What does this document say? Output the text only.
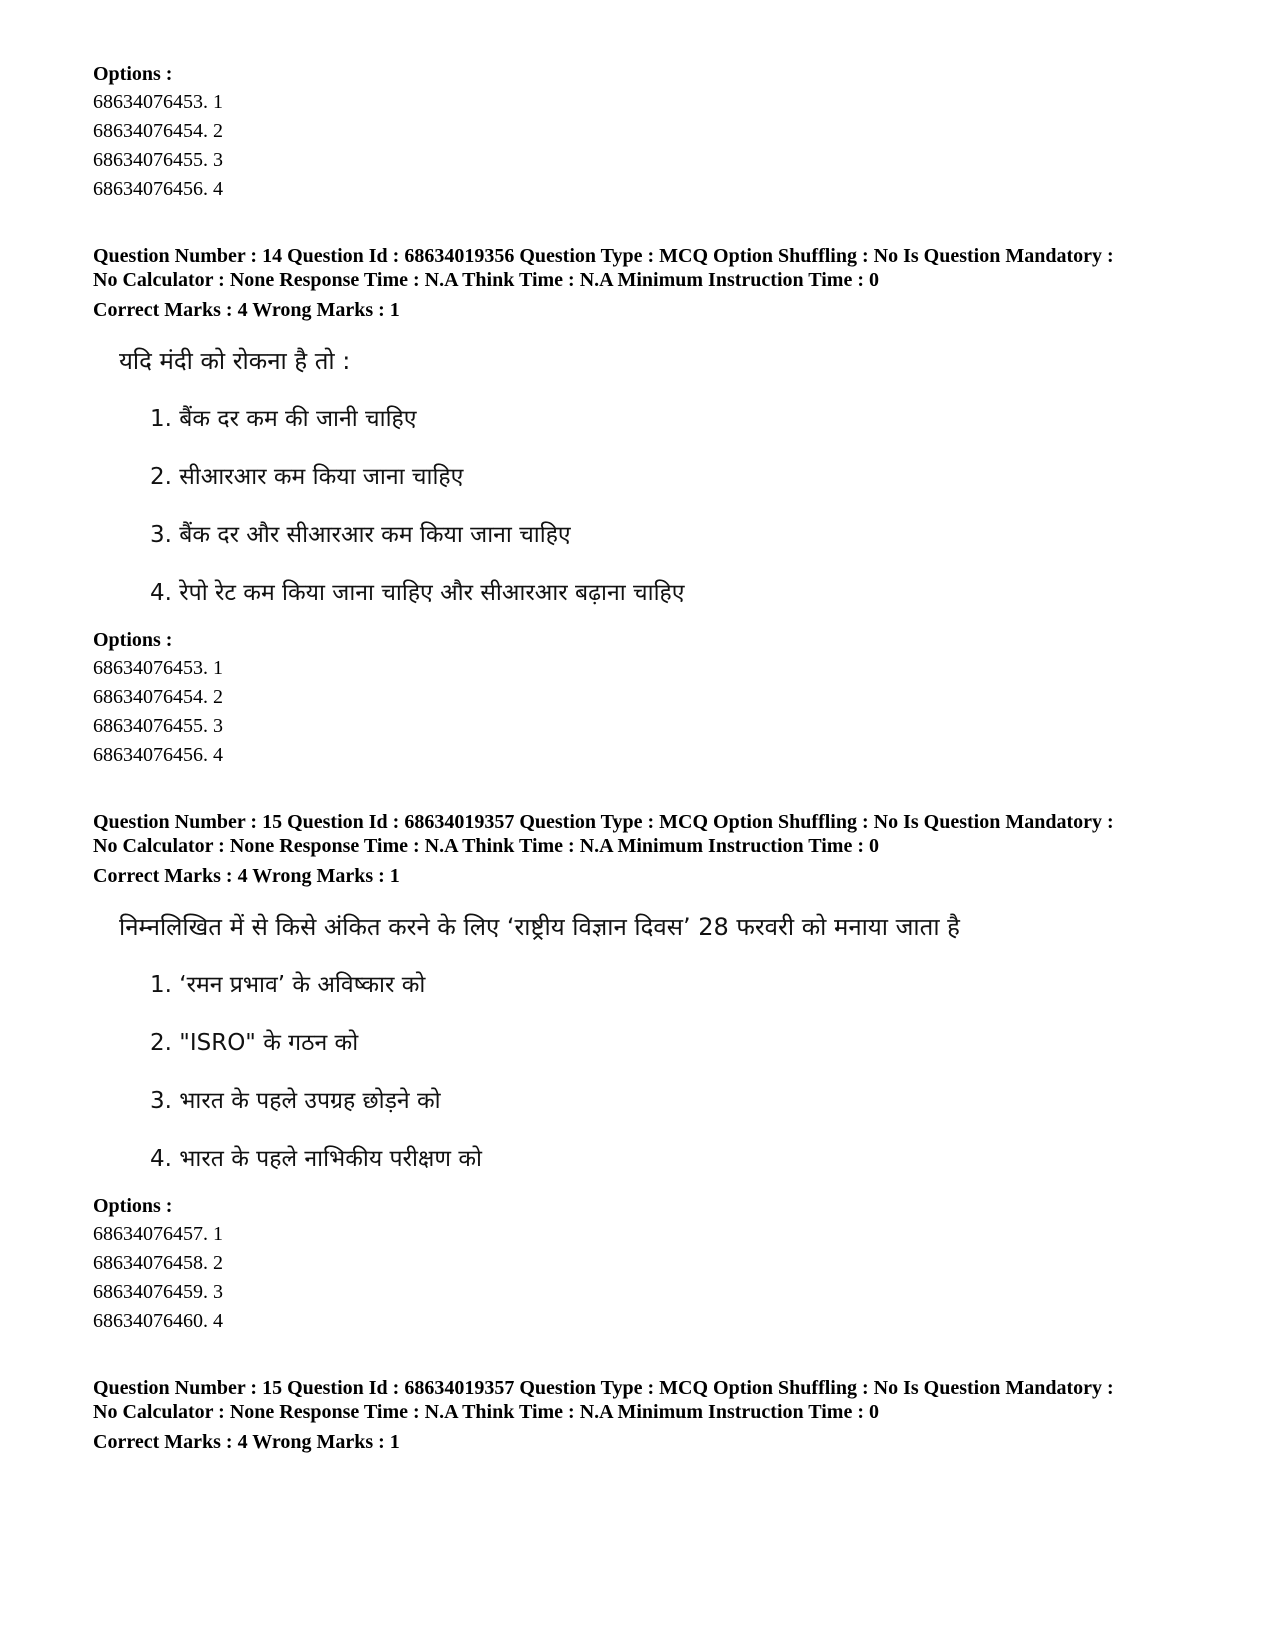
Options :
68634076453. 1
68634076454. 2
68634076455. 3
68634076456. 4
Question Number : 14 Question Id : 68634019356 Question Type : MCQ Option Shuffling : No Is Question Mandatory :
No Calculator : None Response Time : N.A Think Time : N.A Minimum Instruction Time : 0
Correct Marks : 4 Wrong Marks : 1
यदि मंदी को रोकना है तो :
1. बैंक दर कम की जानी चाहिए
2. सीआरआर कम किया जाना चाहिए
3. बैंक दर और सीआरआर कम किया जाना चाहिए
4. रेपो रेट कम किया जाना चाहिए और सीआरआर बढ़ाना चाहिए
Options :
68634076453. 1
68634076454. 2
68634076455. 3
68634076456. 4
Question Number : 15 Question Id : 68634019357 Question Type : MCQ Option Shuffling : No Is Question Mandatory :
No Calculator : None Response Time : N.A Think Time : N.A Minimum Instruction Time : 0
Correct Marks : 4 Wrong Marks : 1
निम्नलिखित में से किसे अंकित करने के लिए ‘राष्ट्रीय विज्ञान दिवस’ 28 फरवरी को मनाया जाता है
1. ‘रमन प्रभाव’ के अविष्कार को
2. "ISRO" के गठन को
3. भारत के पहले उपग्रह छोड़ने को
4. भारत के पहले नाभिकीय परीक्षण को
Options :
68634076457. 1
68634076458. 2
68634076459. 3
68634076460. 4
Question Number : 15 Question Id : 68634019357 Question Type : MCQ Option Shuffling : No Is Question Mandatory :
No Calculator : None Response Time : N.A Think Time : N.A Minimum Instruction Time : 0
Correct Marks : 4 Wrong Marks : 1
